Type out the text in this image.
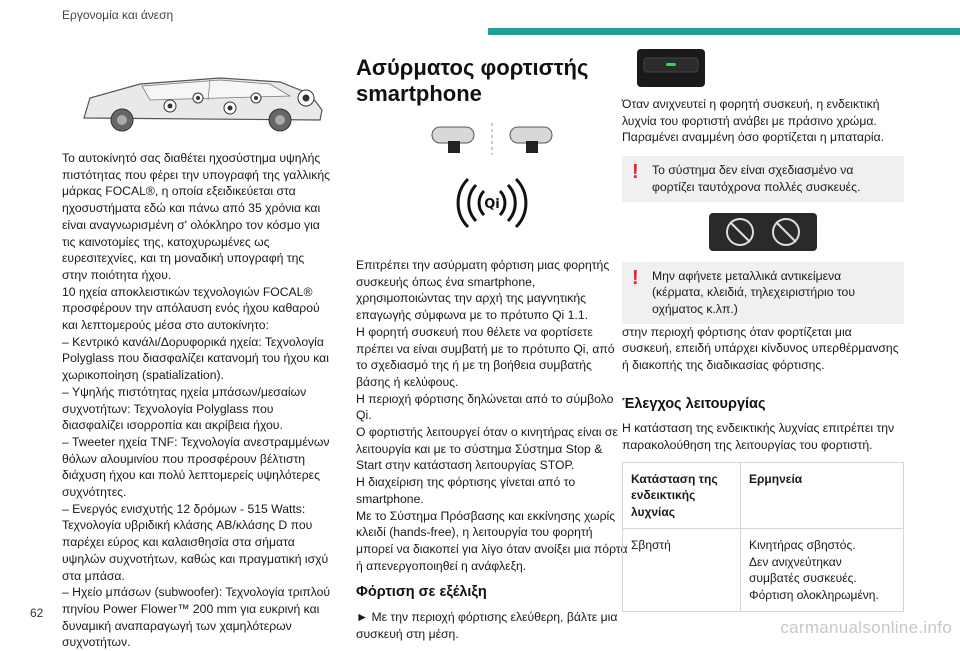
Εργονομία και άνεση

Το αυτοκίνητό σας διαθέτει ηχοσύστημα υψηλής πιστότητας που φέρει την υπογραφή της γαλλικής μάρκας FOCAL®, η οποία εξειδικεύεται στα ηχοσυστήματα εδώ και πάνω από 35 χρόνια και είναι αναγνωρισμένη σ' ολόκληρο τον κόσμο για τις καινοτομίες της, κατοχυρωμένες ως ευρεσιτεχνίες, και τη μοναδική υπογραφή της στην ποιότητα ήχου.

10 ηχεία αποκλειστικών τεχνολογιών FOCAL® προσφέρουν την απόλαυση ενός ήχου καθαρού και λεπτομερούς μέσα στο αυτοκίνητο:

– Κεντρικό κανάλι/Δορυφορικά ηχεία: Τεχνολογία Polyglass που διασφαλίζει κατανομή του ήχου και χωρικοποίηση (spatialization).

– Υψηλής πιστότητας ηχεία μπάσων/μεσαίων συχνοτήτων: Τεχνολογία Polyglass που διασφαλίζει ισορροπία και ακρίβεια ήχου.

– Tweeter ηχεία TNF: Τεχνολογία ανεστραμμένων θόλων αλουμινίου που προσφέρουν βέλτιστη διάχυση ήχου και πολύ λεπτομερείς υψηλότερες συχνότητες.

– Ενεργός ενισχυτής 12 δρόμων - 515 Watts: Τεχνολογία υβριδική κλάσης AB/κλάσης D που παρέχει εύρος και καλαισθησία στα σήματα υψηλών συχνοτήτων, καθώς και πραγματική ισχύ στα μπάσα.

– Ηχείο μπάσων (subwoofer): Τεχνολογία τριπλού πηνίου Power Flower™ 200 mm για ευκρινή και δυναμική αναπαραγωγή των χαμηλότερων συχνοτήτων.

Ασύρματος φορτιστής smartphone
Qi

Επιτρέπει την ασύρματη φόρτιση μιας φορητής συσκευής όπως ένα smartphone, χρησιμοποιώντας την αρχή της μαγνητικής επαγωγής σύμφωνα με το πρότυπο Qi 1.1.

Η φορητή συσκευή που θέλετε να φορτίσετε πρέπει να είναι συμβατή με το πρότυπο Qi, από το σχεδιασμό της ή με τη βοήθεια συμβατής βάσης ή κελύφους.

Η περιοχή φόρτισης δηλώνεται από το σύμβολο Qi.

Ο φορτιστής λειτουργεί όταν ο κινητήρας είναι σε λειτουργία και με το σύστημα Σύστημα Stop & Start στην κατάσταση λειτουργίας STOP.

Η διαχείριση της φόρτισης γίνεται από το smartphone.

Με το Σύστημα Πρόσβασης και εκκίνησης χωρίς κλειδί (hands-free), η λειτουργία του φορητή μπορεί να διακοπεί για λίγο όταν ανοίξει μια πόρτα ή απενεργοποιηθεί η ανάφλεξη.

Φόρτιση σε εξέλιξη

► Με την περιοχή φόρτισης ελεύθερη, βάλτε μια συσκευή στη μέση.

Όταν ανιχνευτεί η φορητή συσκευή, η ενδεικτική λυχνία του φορτιστή ανάβει με πράσινο χρώμα. Παραμένει αναμμένη όσο φορτίζεται η μπαταρία.

! Το σύστημα δεν είναι σχεδιασμένο να φορτίζει ταυτόχρονα πολλές συσκευές.
! Μην αφήνετε μεταλλικά αντικείμενα (κέρματα, κλειδιά, τηλεχειριστήριο του οχήματος κ.λπ.)

στην περιοχή φόρτισης όταν φορτίζεται μια συσκευή, επειδή υπάρχει κίνδυνος υπερθέρμανσης ή διακοπής της διαδικασίας φόρτισης.

Έλεγχος λειτουργίας

Η κατάσταση της ενδεικτικής λυχνίας επιτρέπει την παρακολούθηση της λειτουργίας του φορτιστή.

Κατάσταση της ενδεικτικής λυχνίας	Ερμηνεία
Σβηστή	Κινητήρας σβηστός.
Δεν ανιχνεύτηκαν συμβατές συσκευές.
Φόρτιση ολοκληρωμένη.
62
carmanualsonline.info
